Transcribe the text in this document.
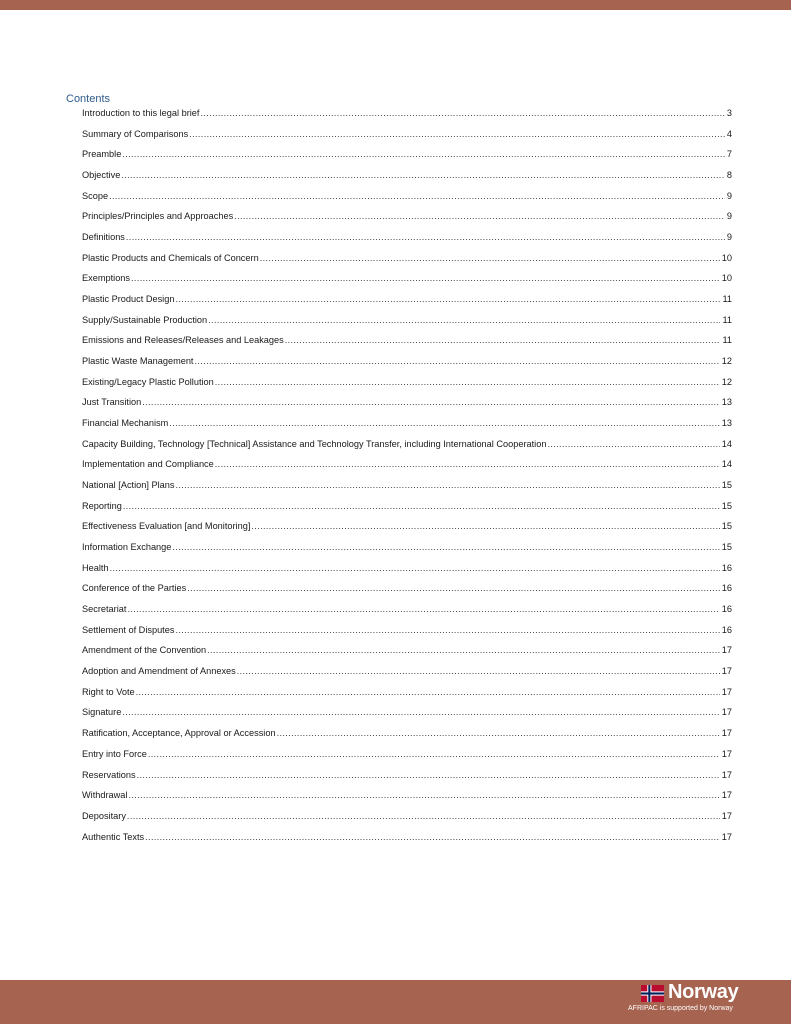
Contents
Introduction to this legal brief .....	3
Summary of Comparisons .....	4
Preamble .....	7
Objective .....	8
Scope .....	9
Principles/Principles and Approaches .....	9
Definitions .....	9
Plastic Products and Chemicals of Concern .....	10
Exemptions .....	10
Plastic Product Design .....	11
Supply/Sustainable Production .....	11
Emissions and Releases/Releases and Leakages .....	11
Plastic Waste Management .....	12
Existing/Legacy Plastic Pollution .....	12
Just Transition .....	13
Financial Mechanism .....	13
Capacity Building, Technology [Technical] Assistance and Technology Transfer, including International Cooperation .....	14
Implementation and Compliance .....	14
National [Action] Plans .....	15
Reporting .....	15
Effectiveness Evaluation [and Monitoring] .....	15
Information Exchange .....	15
Health .....	16
Conference of the Parties .....	16
Secretariat .....	16
Settlement of Disputes .....	16
Amendment of the Convention .....	17
Adoption and Amendment of Annexes .....	17
Right to Vote .....	17
Signature .....	17
Ratification, Acceptance, Approval or Accession .....	17
Entry into Force .....	17
Reservations .....	17
Withdrawal .....	17
Depositary .....	17
Authentic Texts .....	17
Norway
AFRIPAC is supported by Norway
